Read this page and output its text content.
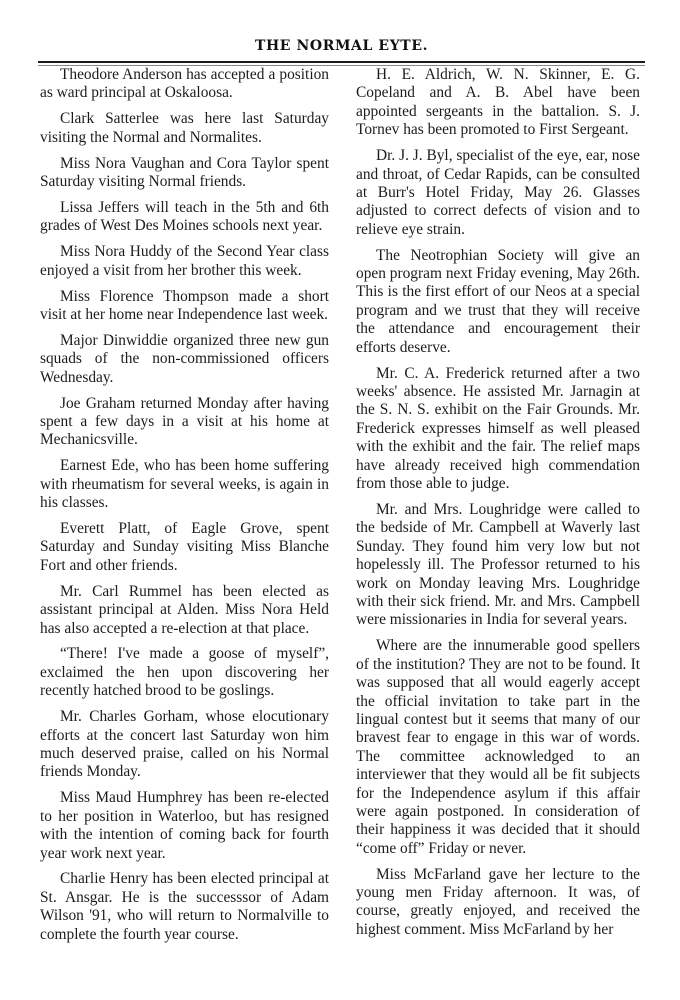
THE NORMAL EYTE.

Theodore Anderson has accepted a position as ward principal at Oskaloosa.

Clark Satterlee was here last Saturday visiting the Normal and Normalites.

Miss Nora Vaughan and Cora Taylor spent Saturday visiting Normal friends.

Lissa Jeffers will teach in the 5th and 6th grades of West Des Moines schools next year.

Miss Nora Huddy of the Second Year class enjoyed a visit from her brother this week.

Miss Florence Thompson made a short visit at her home near Independence last week.

Major Dinwiddie organized three new gun squads of the non-commissioned officers Wednesday.

Joe Graham returned Monday after having spent a few days in a visit at his home at Mechanicsville.

Earnest Ede, who has been home suffering with rheumatism for several weeks, is again in his classes.

Everett Platt, of Eagle Grove, spent Saturday and Sunday visiting Miss Blanche Fort and other friends.

Mr. Carl Rummel has been elected as assistant principal at Alden. Miss Nora Held has also accepted a re-election at that place.

“There! I've made a goose of myself”, exclaimed the hen upon discovering her recently hatched brood to be goslings.

Mr. Charles Gorham, whose elocutionary efforts at the concert last Saturday won him much deserved praise, called on his Normal friends Monday.

Miss Maud Humphrey has been re-elected to her position in Waterloo, but has resigned with the intention of coming back for fourth year work next year.

Charlie Henry has been elected principal at St. Ansgar. He is the successsor of Adam Wilson '91, who will return to Normalville to complete the fourth year course.

H. E. Aldrich, W. N. Skinner, E. G. Copeland and A. B. Abel have been appointed sergeants in the battalion. S. J. Tornev has been promoted to First Sergeant.

Dr. J. J. Byl, specialist of the eye, ear, nose and throat, of Cedar Rapids, can be consulted at Burr's Hotel Friday, May 26. Glasses adjusted to correct defects of vision and to relieve eye strain.

The Neotrophian Society will give an open program next Friday evening, May 26th. This is the first effort of our Neos at a special program and we trust that they will receive the attendance and encouragement their efforts deserve.

Mr. C. A. Frederick returned after a two weeks' absence. He assisted Mr. Jarnagin at the S. N. S. exhibit on the Fair Grounds. Mr. Frederick expresses himself as well pleased with the exhibit and the fair. The relief maps have already received high commendation from those able to judge.

Mr. and Mrs. Loughridge were called to the bedside of Mr. Campbell at Waverly last Sunday. They found him very low but not hopelessly ill. The Professor returned to his work on Monday leaving Mrs. Loughridge with their sick friend. Mr. and Mrs. Campbell were missionaries in India for several years.

Where are the innumerable good spellers of the institution? They are not to be found. It was supposed that all would eagerly accept the official invitation to take part in the lingual contest but it seems that many of our bravest fear to engage in this war of words. The committee acknowledged to an interviewer that they would all be fit subjects for the Independence asylum if this affair were again postponed. In consideration of their happiness it was decided that it should “come off” Friday or never.

Miss McFarland gave her lecture to the young men Friday afternoon. It was, of course, greatly enjoyed, and received the highest comment. Miss McFarland by her
